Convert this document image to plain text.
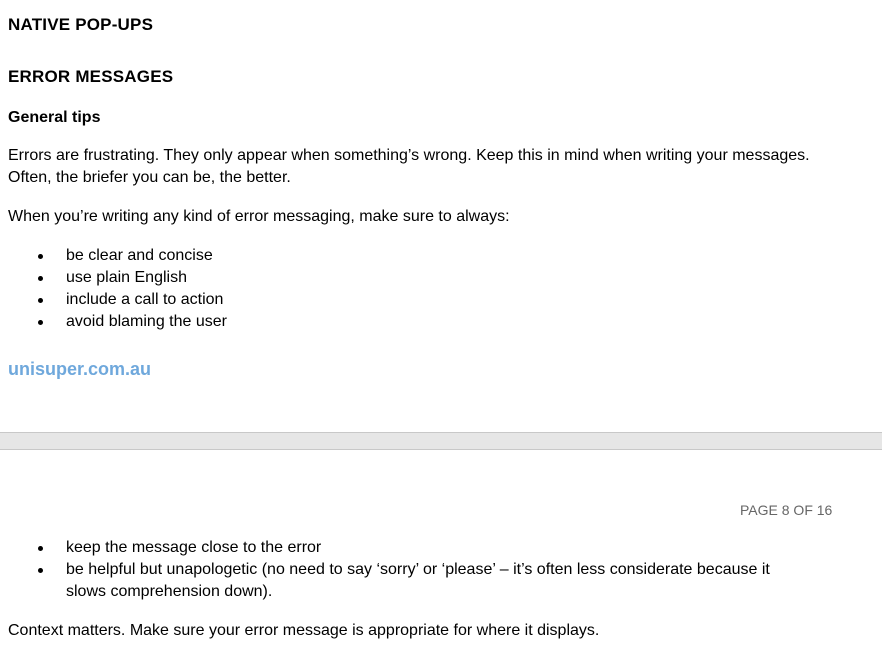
NATIVE POP-UPS
ERROR MESSAGES
General tips

Errors are frustrating. They only appear when something’s wrong. Keep this in mind when writing your messages.
Often, the briefer you can be, the better.

When you’re writing any kind of error messaging, make sure to always:

be clear and concise
use plain English
include a call to action
avoid blaming the user
unisuper.com.au
PAGE 8 OF 16
keep the message close to the error
be helpful but unapologetic (no need to say ‘sorry’ or ‘please’ – it’s often less considerate because it slows comprehension down).

Context matters. Make sure your error message is appropriate for where it displays.
